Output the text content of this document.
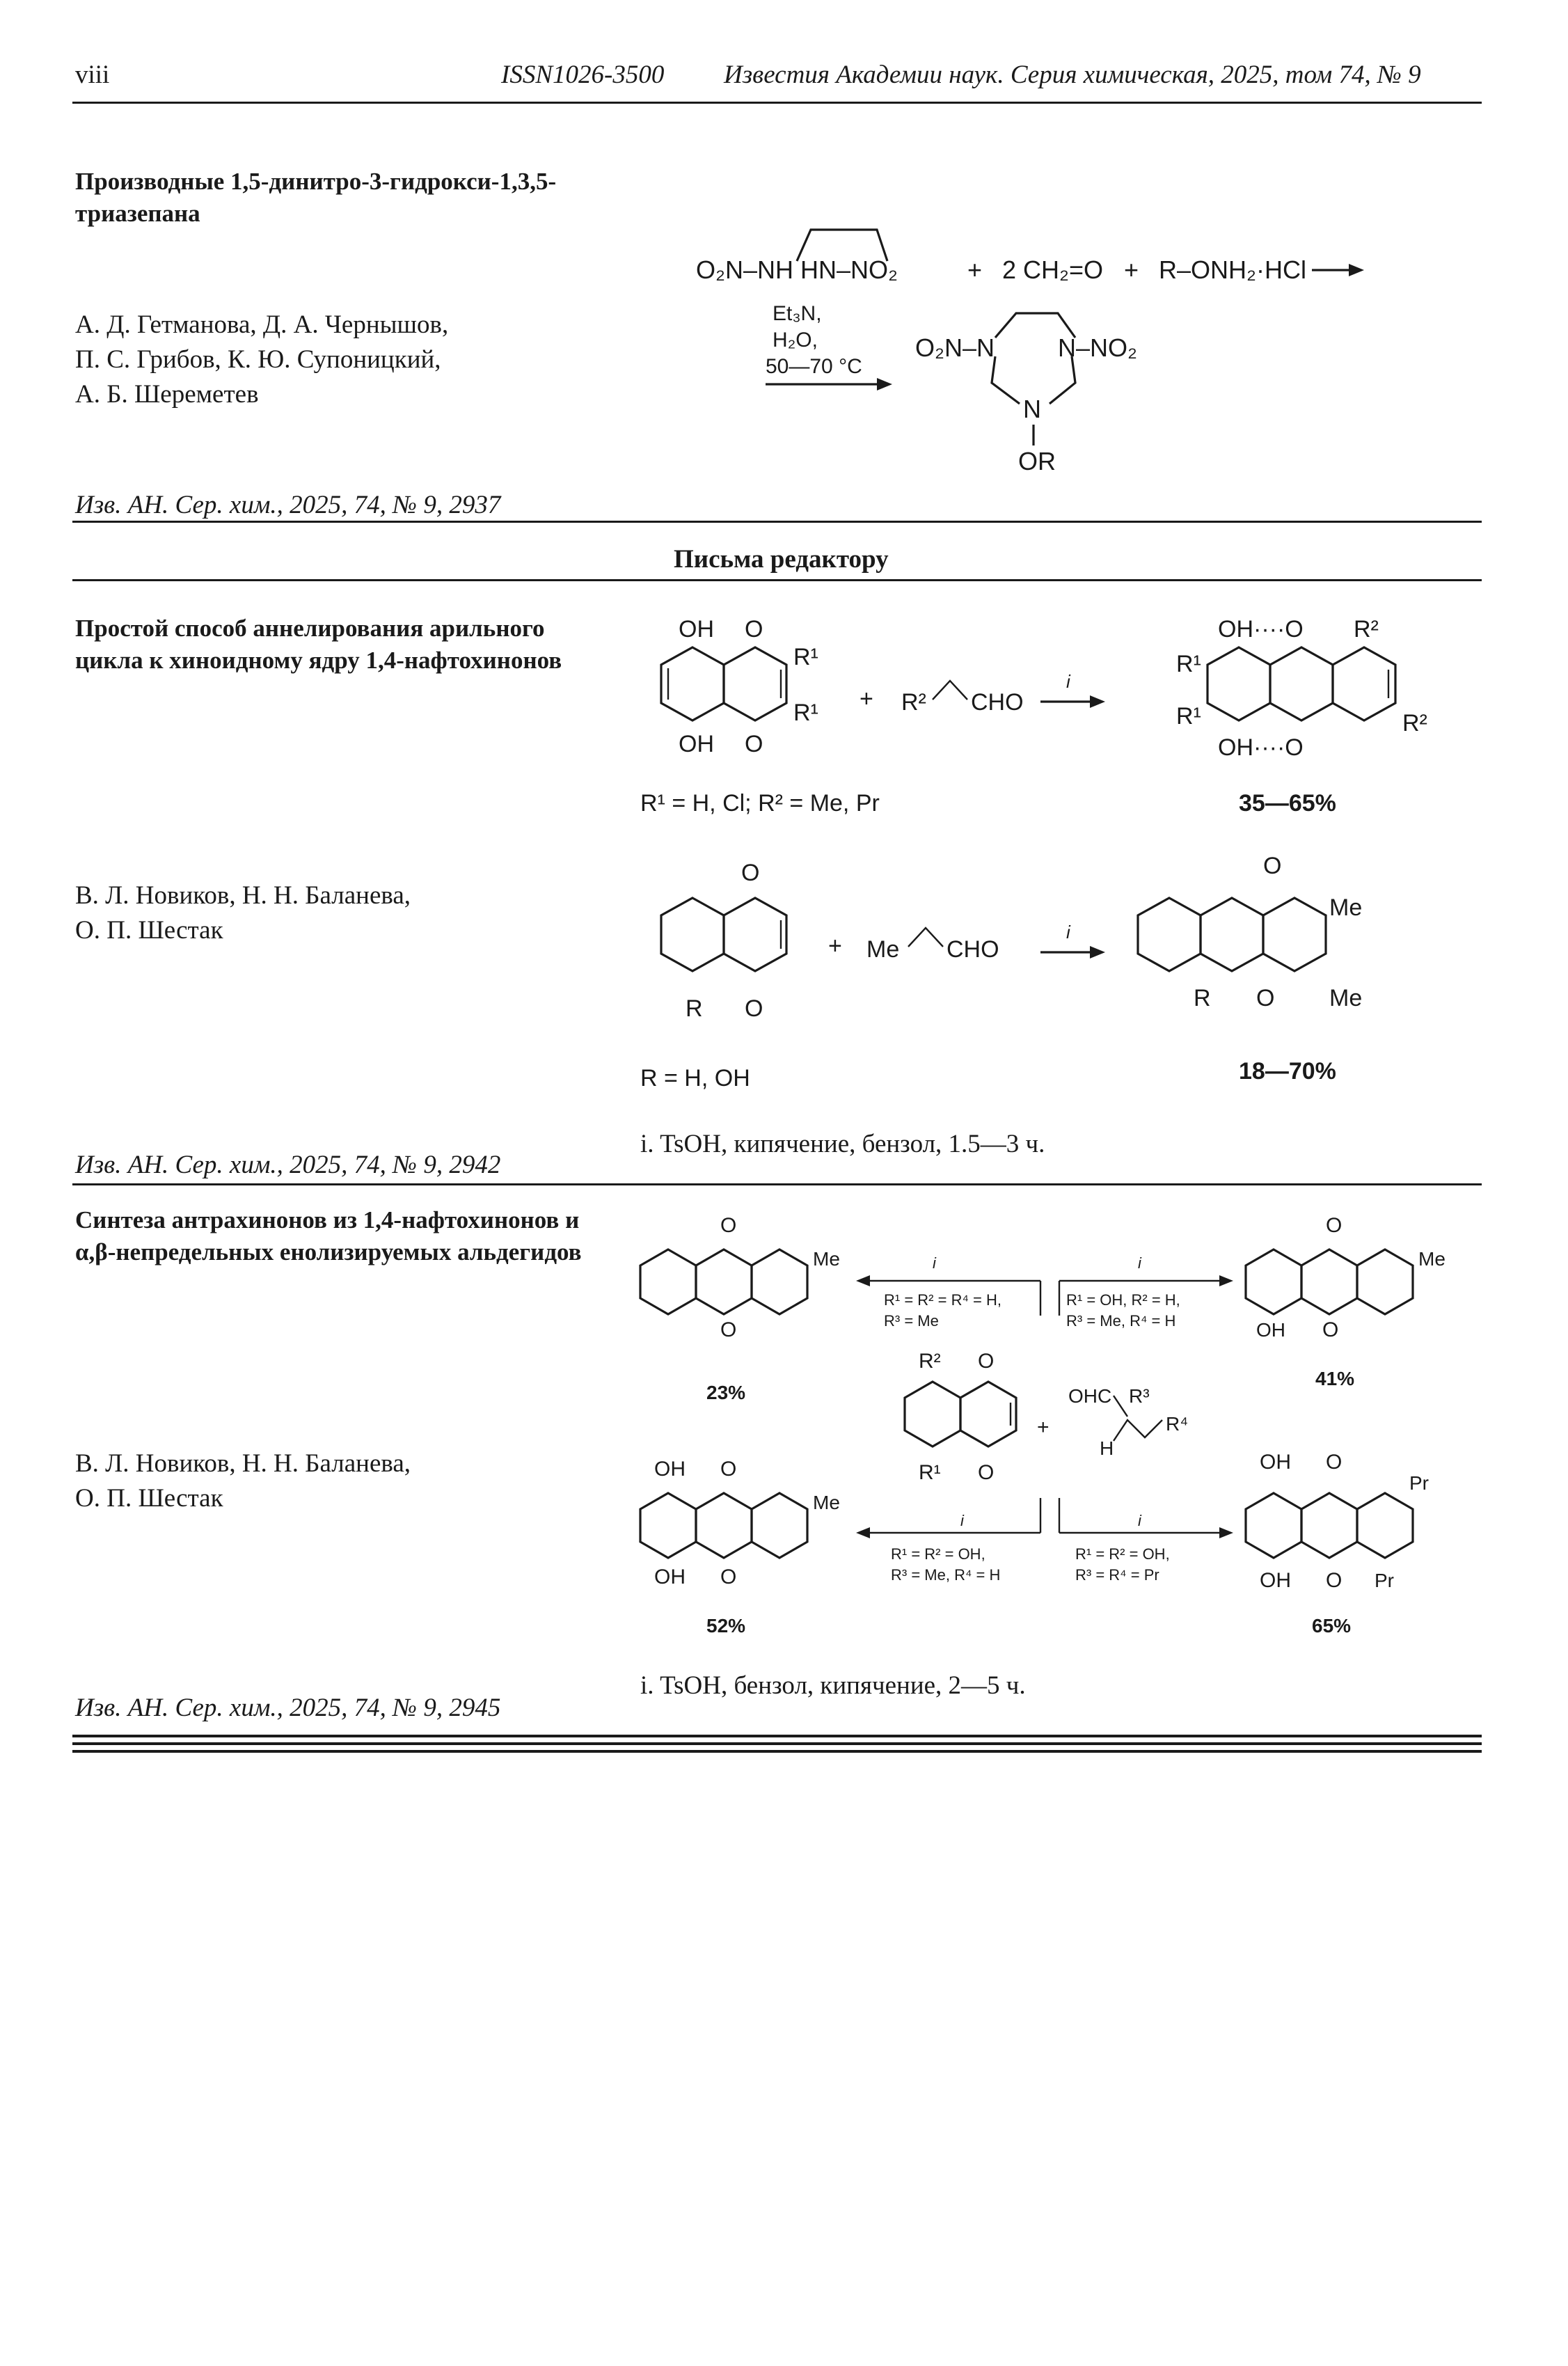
viii	ISSN1026-3500 Известия Академии наук. Серия химическая, 2025, том 74, № 9
Производные 1,5-динитро-3-гидрокси-1,3,5-триазепана
А. Д. Гетманова, Д. А. Чернышов,
П. С. Грибов, К. Ю. Супоницкий,
А. Б. Шереметев
Изв. АН. Сер. хим., 2025, 74, № 9, 2937
O₂N–NH HN–NO₂	+ 2 CH₂=O + R–ONH₂·HCl
Et₃N,
H₂O,
50—70 °C
O₂N–N	N–NO₂
N
OR
Письма редактору
Простой способ аннелирования арильного цикла к хиноидному ядру 1,4-нафтохинонов
В. Л. Новиков, Н. Н. Баланева,
О. П. Шестак
Изв. АН. Сер. хим., 2025, 74, № 9, 2942
OH O
R¹
R¹
OH O
+ R² CHO
i
OH····O R²
R¹
R¹	R²
OH····O
R¹ = H, Cl; R² = Me, Pr	35—65%
O
R O
+ Me CHO
i
O
Me
R O Me
R = H, OH	18—70%
i. TsOH, кипячение, бензол, 1.5—3 ч.
Синтеза антрахинонов из 1,4-нафтохинонов и α,β-непредельных енолизируемых альдегидов
В. Л. Новиков, Н. Н. Баланева,
О. П. Шестак
Изв. АН. Сер. хим., 2025, 74, № 9, 2945
O
Me
O
23%
i
R¹ = R² = R⁴ = H,
R³ = Me
i
R¹ = OH, R² = H,
R³ = Me, R⁴ = H
O
Me
OH O
41%
R² O
R¹ O
+
OHC R³
H
R⁴
OH O
Me
OH O
52%
i
R¹ = R² = OH,
R³ = Me, R⁴ = H
i
R¹ = R² = OH,
R³ = R⁴ = Pr
OH O
Pr
OH O Pr
65%
i. TsOH, бензол, кипячение, 2—5 ч.
